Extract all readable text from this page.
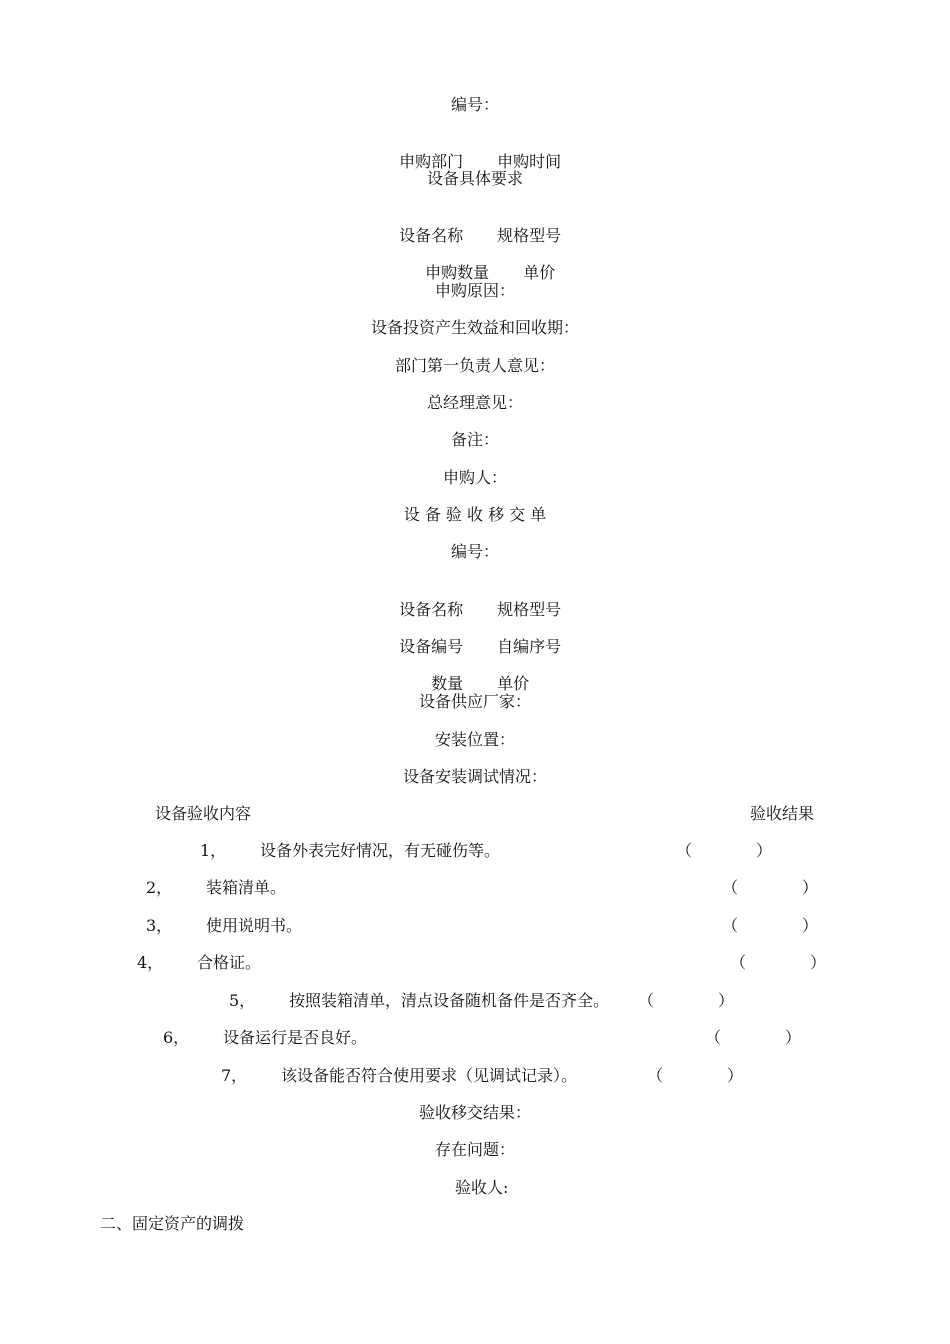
编号：

申购部门 申购时间

设备具体要求

设备名称 规格型号

申购数量 单价

申购原因：
设备投资产生效益和回收期：
部门第一负责人意见：
总经理意见：
备注：
申购人：
设 备 验 收 移 交 单
编号：

设备名称 规格型号

设备编号 自编序号

数量 单价

设备供应厂家：
安装位置：
设备安装调试情况：
设备验收内容	验收结果
1， 设备外表完好情况，有无碰伤等。	（	）
2， 装箱清单。	（	）
3， 使用说明书。	（	）
4， 合格证。	（	）
5， 按照装箱清单，清点设备随机备件是否齐全。 （	）
6， 设备运行是否良好。	（	）
7， 该设备能否符合使用要求（见调试记录）。	（	）
验收移交结果：
存在问题：
验收人:
二、固定资产的调拨
